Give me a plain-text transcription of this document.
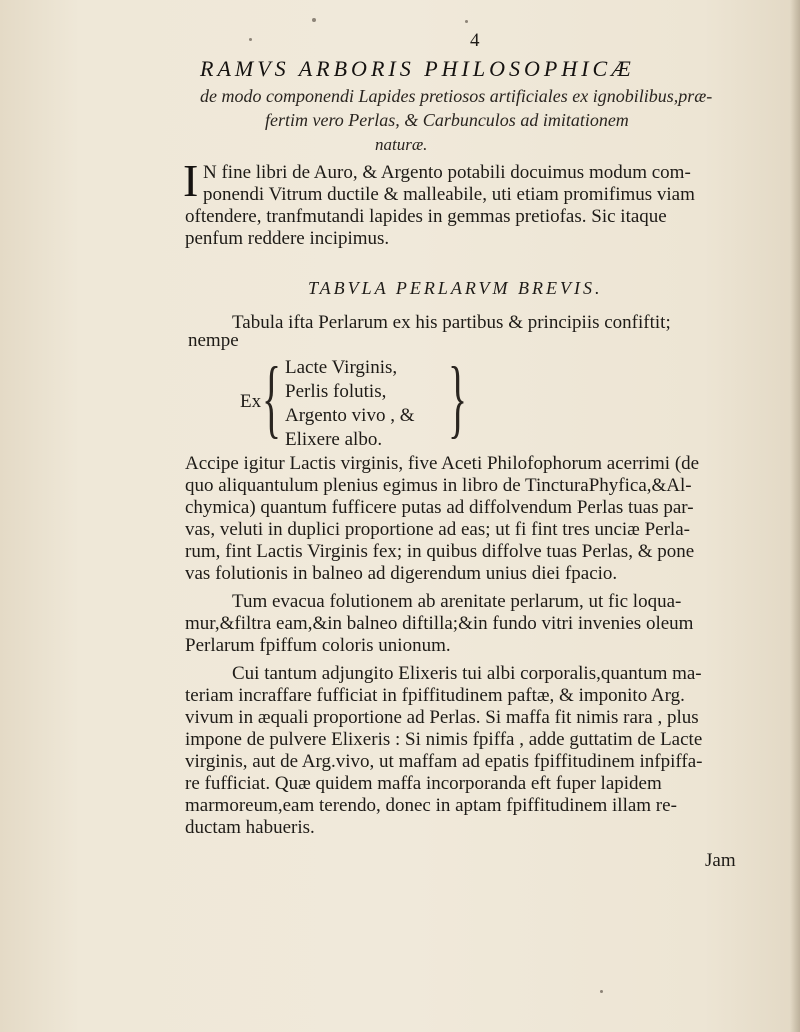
4
RAMVS ARBORIS PHILOSOPHICÆ
de modo componendi Lapides pretiosos artificiales ex ignobilibus,præ-
fertim vero Perlas, & Carbunculos ad imitationem
naturæ.
I N fine libri de Auro, & Argento potabili docuimus modum com-
ponendi Vitrum ductile & malleabile, uti etiam promifimus viam
oftendere, tranfmutandi lapides in gemmas pretiofas. Sic itaque
penfum reddere incipimus.
TABVLA PERLARVM BREVIS.
Tabula ifta Perlarum ex his partibus & principiis confiftit;
nempe
Ex { Lacte Virginis,
Perlis folutis,
Argento vivo , &
Elixere albo. }
Accipe igitur Lactis virginis, five Aceti Philofophorum acerrimi (de
quo aliquantulum plenius egimus in libro de TincturaPhyfica,&Al-
chymica) quantum fufficere putas ad diffolvendum Perlas tuas par-
vas, veluti in duplici proportione ad eas; ut fi fint tres unciæ Perla-
rum, fint Lactis Virginis fex; in quibus diffolve tuas Perlas, & pone
vas folutionis in balneo ad digerendum unius diei fpacio.
Tum evacua folutionem ab arenitate perlarum, ut fic loqua-
mur,&filtra eam,&in balneo diftilla;&in fundo vitri invenies oleum
Perlarum fpiffum coloris unionum.
Cui tantum adjungito Elixeris tui albi corporalis,quantum ma-
teriam incraffare fufficiat in fpiffitudinem paftæ, & imponito Arg.
vivum in æquali proportione ad Perlas. Si maffa fit nimis rara , plus
impone de pulvere Elixeris : Si nimis fpiffa , adde guttatim de Lacte
virginis, aut de Arg.vivo, ut maffam ad epatis fpiffitudinem infpiffa-
re fufficiat. Quæ quidem maffa incorporanda eft fuper lapidem
marmoreum,eam terendo, donec in aptam fpiffitudinem illam re-
ductam habueris.
Jam
